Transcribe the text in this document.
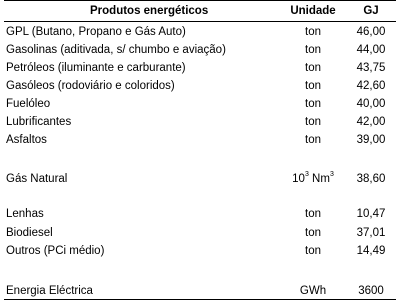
Produtos energéticos	Unidade	GJ
GPL (Butano, Propano e Gás Auto)	ton	46,00
Gasolinas (aditivada, s/ chumbo e aviação)	ton	44,00
Petróleos (iluminante e carburante)	ton	43,75
Gasóleos (rodoviário e coloridos)	ton	42,60
Fuelóleo	ton	40,00
Lubrificantes	ton	42,00
Asfaltos	ton	39,00
Gás Natural	$10^3$ Nm$^3$	38,60
Lenhas	ton	10,47
Biodiesel	ton	37,01
Outros (PCi médio)	ton	14,49
Energia Eléctrica	GWh	3600
